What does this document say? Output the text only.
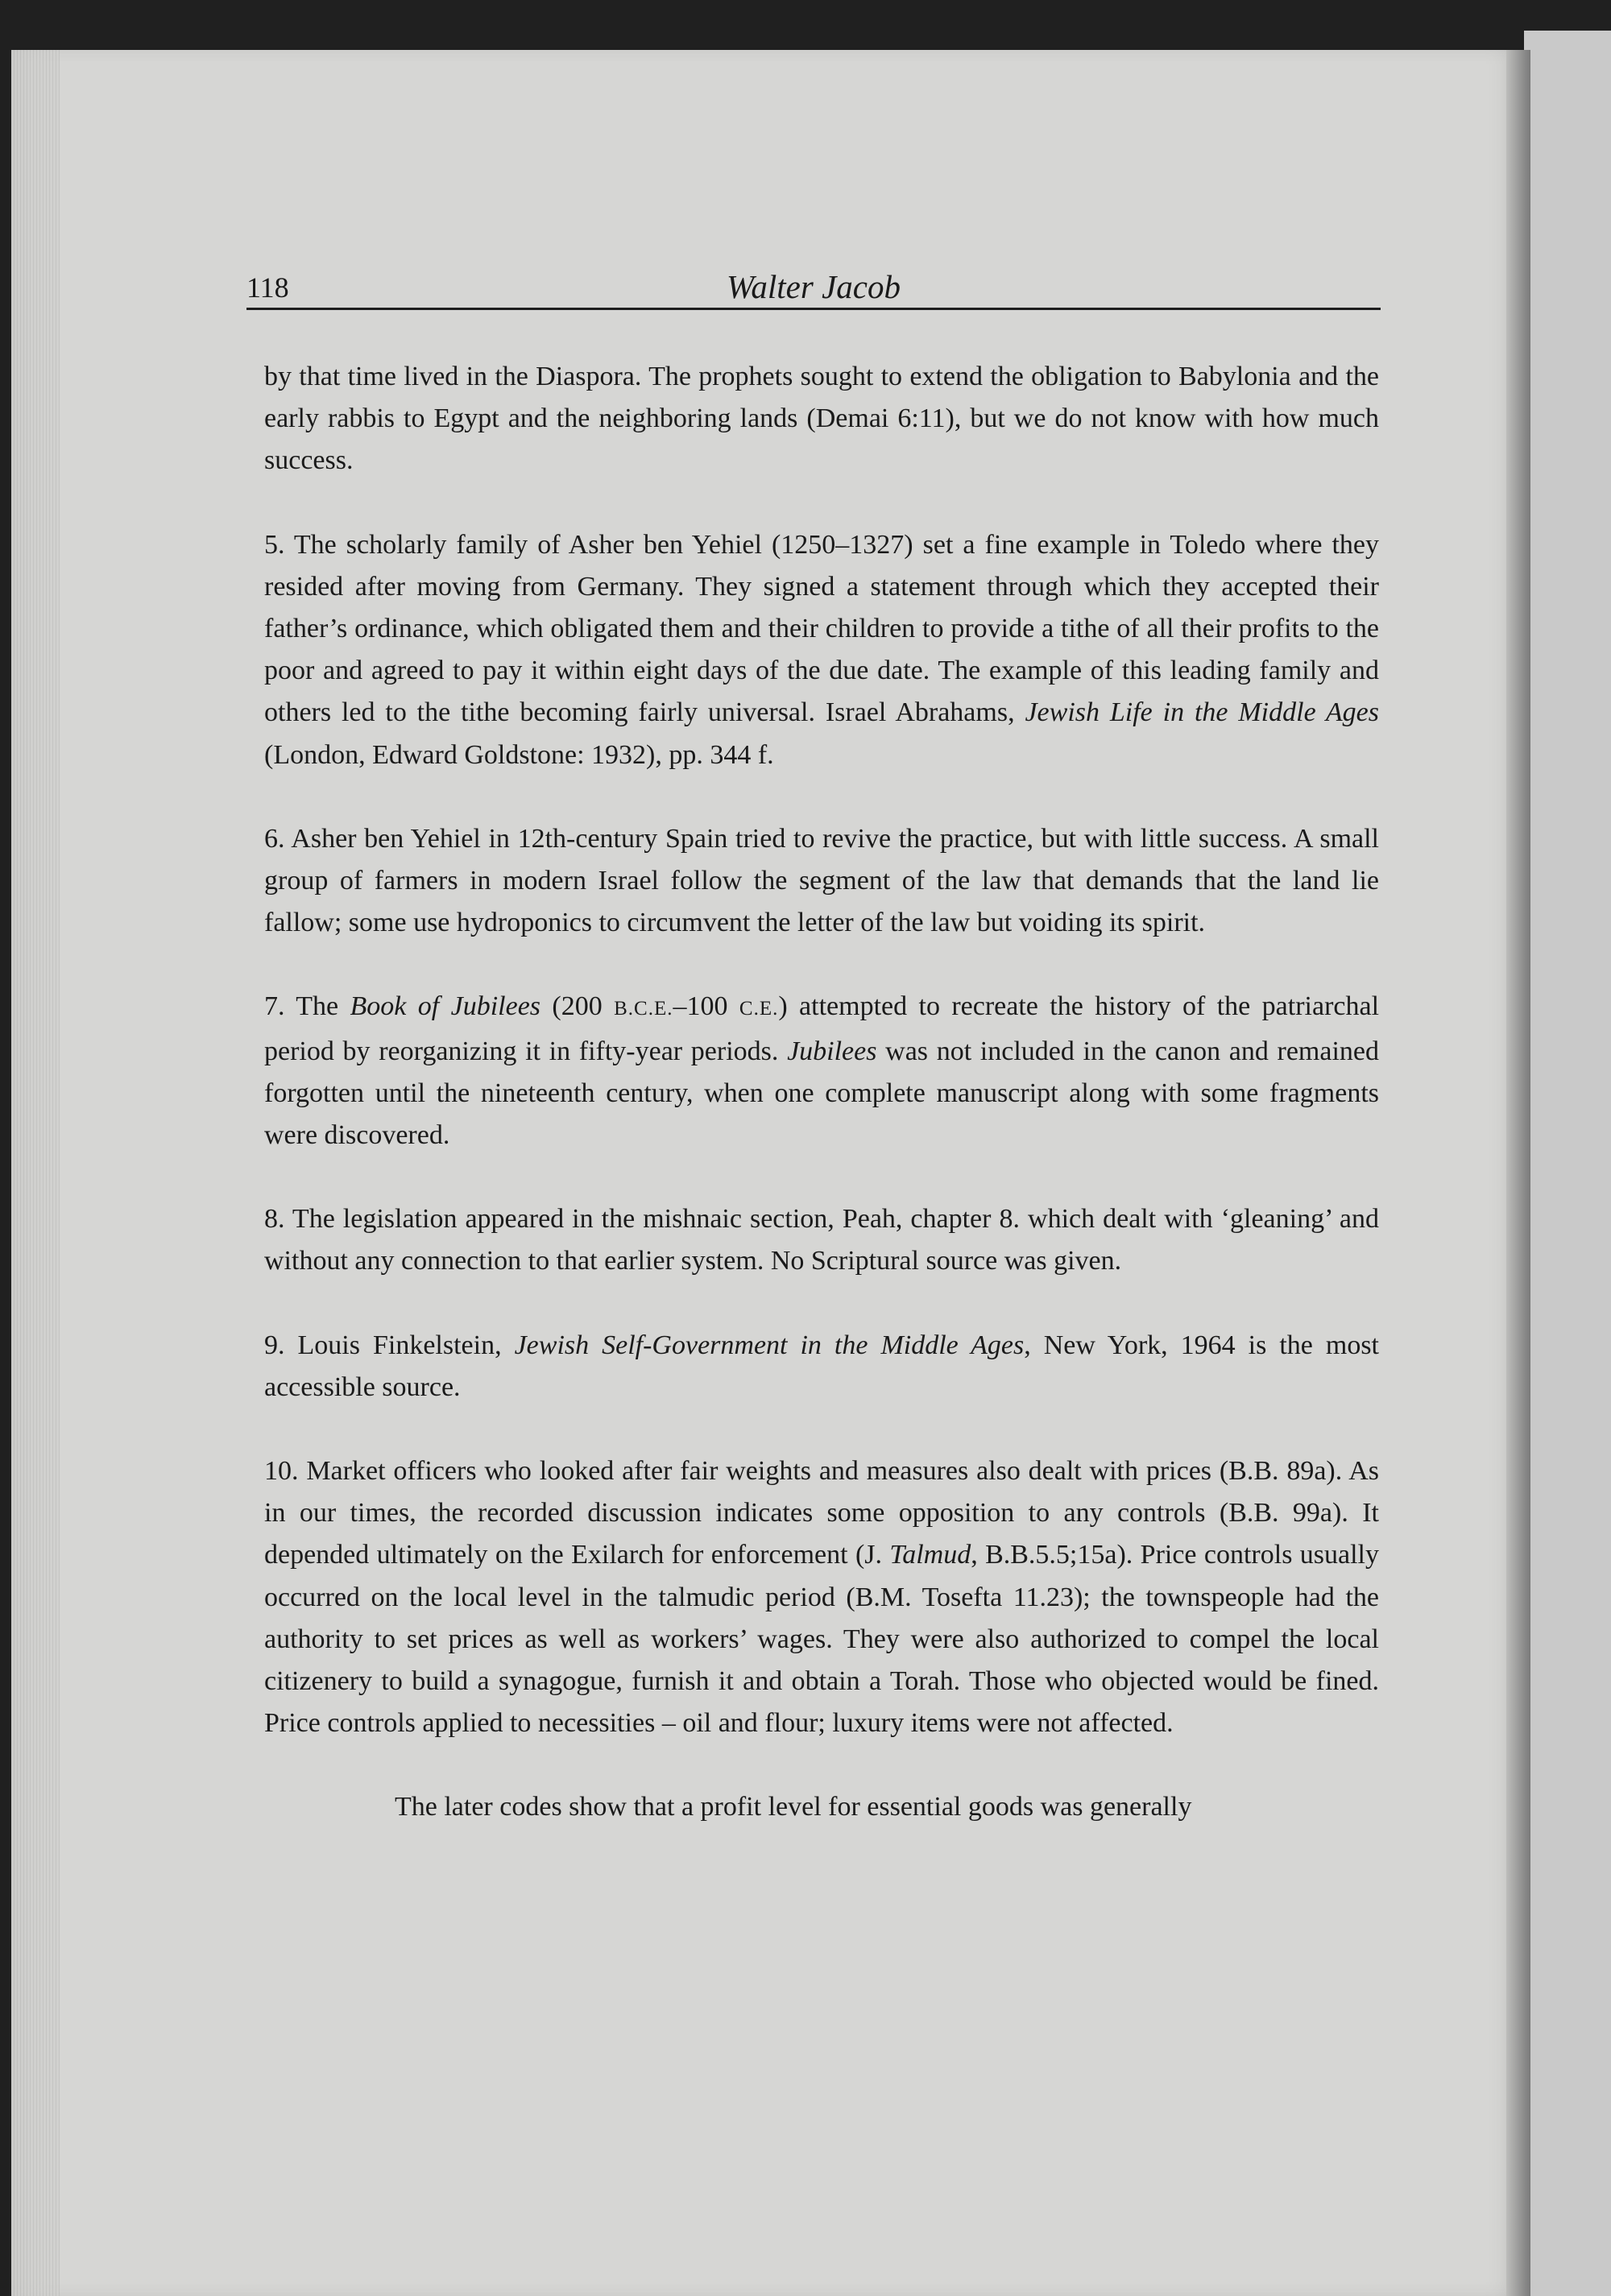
118	Walter Jacob

by that time lived in the Diaspora. The prophets sought to extend the obligation to Babylonia and the early rabbis to Egypt and the neighboring lands (Demai 6:11), but we do not know with how much success.

5. The scholarly family of Asher ben Yehiel (1250–1327) set a fine example in Toledo where they resided after moving from Germany. They signed a statement through which they accepted their father’s ordinance, which obligated them and their children to provide a tithe of all their profits to the poor and agreed to pay it within eight days of the due date. The example of this leading family and others led to the tithe becoming fairly universal. Israel Abrahams, Jewish Life in the Middle Ages (London, Edward Goldstone: 1932), pp. 344 f.

6. Asher ben Yehiel in 12th-century Spain tried to revive the practice, but with little success. A small group of farmers in modern Israel follow the segment of the law that demands that the land lie fallow; some use hydroponics to circumvent the letter of the law but voiding its spirit.

7. The Book of Jubilees (200 B.C.E.–100 C.E.) attempted to recreate the history of the patriarchal period by reorganizing it in fifty-year periods. Jubilees was not included in the canon and remained forgotten until the nineteenth century, when one complete manuscript along with some fragments were discovered.

8. The legislation appeared in the mishnaic section, Peah, chapter 8. which dealt with ‘gleaning’ and without any connection to that earlier system. No Scriptural source was given.

9. Louis Finkelstein, Jewish Self-Government in the Middle Ages, New York, 1964 is the most accessible source.

10. Market officers who looked after fair weights and measures also dealt with prices (B.B. 89a). As in our times, the recorded discussion indicates some opposition to any controls (B.B. 99a). It depended ultimately on the Exilarch for enforcement (J. Talmud, B.B.5.5;15a). Price controls usually occurred on the local level in the talmudic period (B.M. Tosefta 11.23); the townspeople had the authority to set prices as well as workers’ wages. They were also authorized to compel the local citizenery to build a synagogue, furnish it and obtain a Torah. Those who objected would be fined. Price controls applied to necessities – oil and flour; luxury items were not affected.

The later codes show that a profit level for essential goods was generally
